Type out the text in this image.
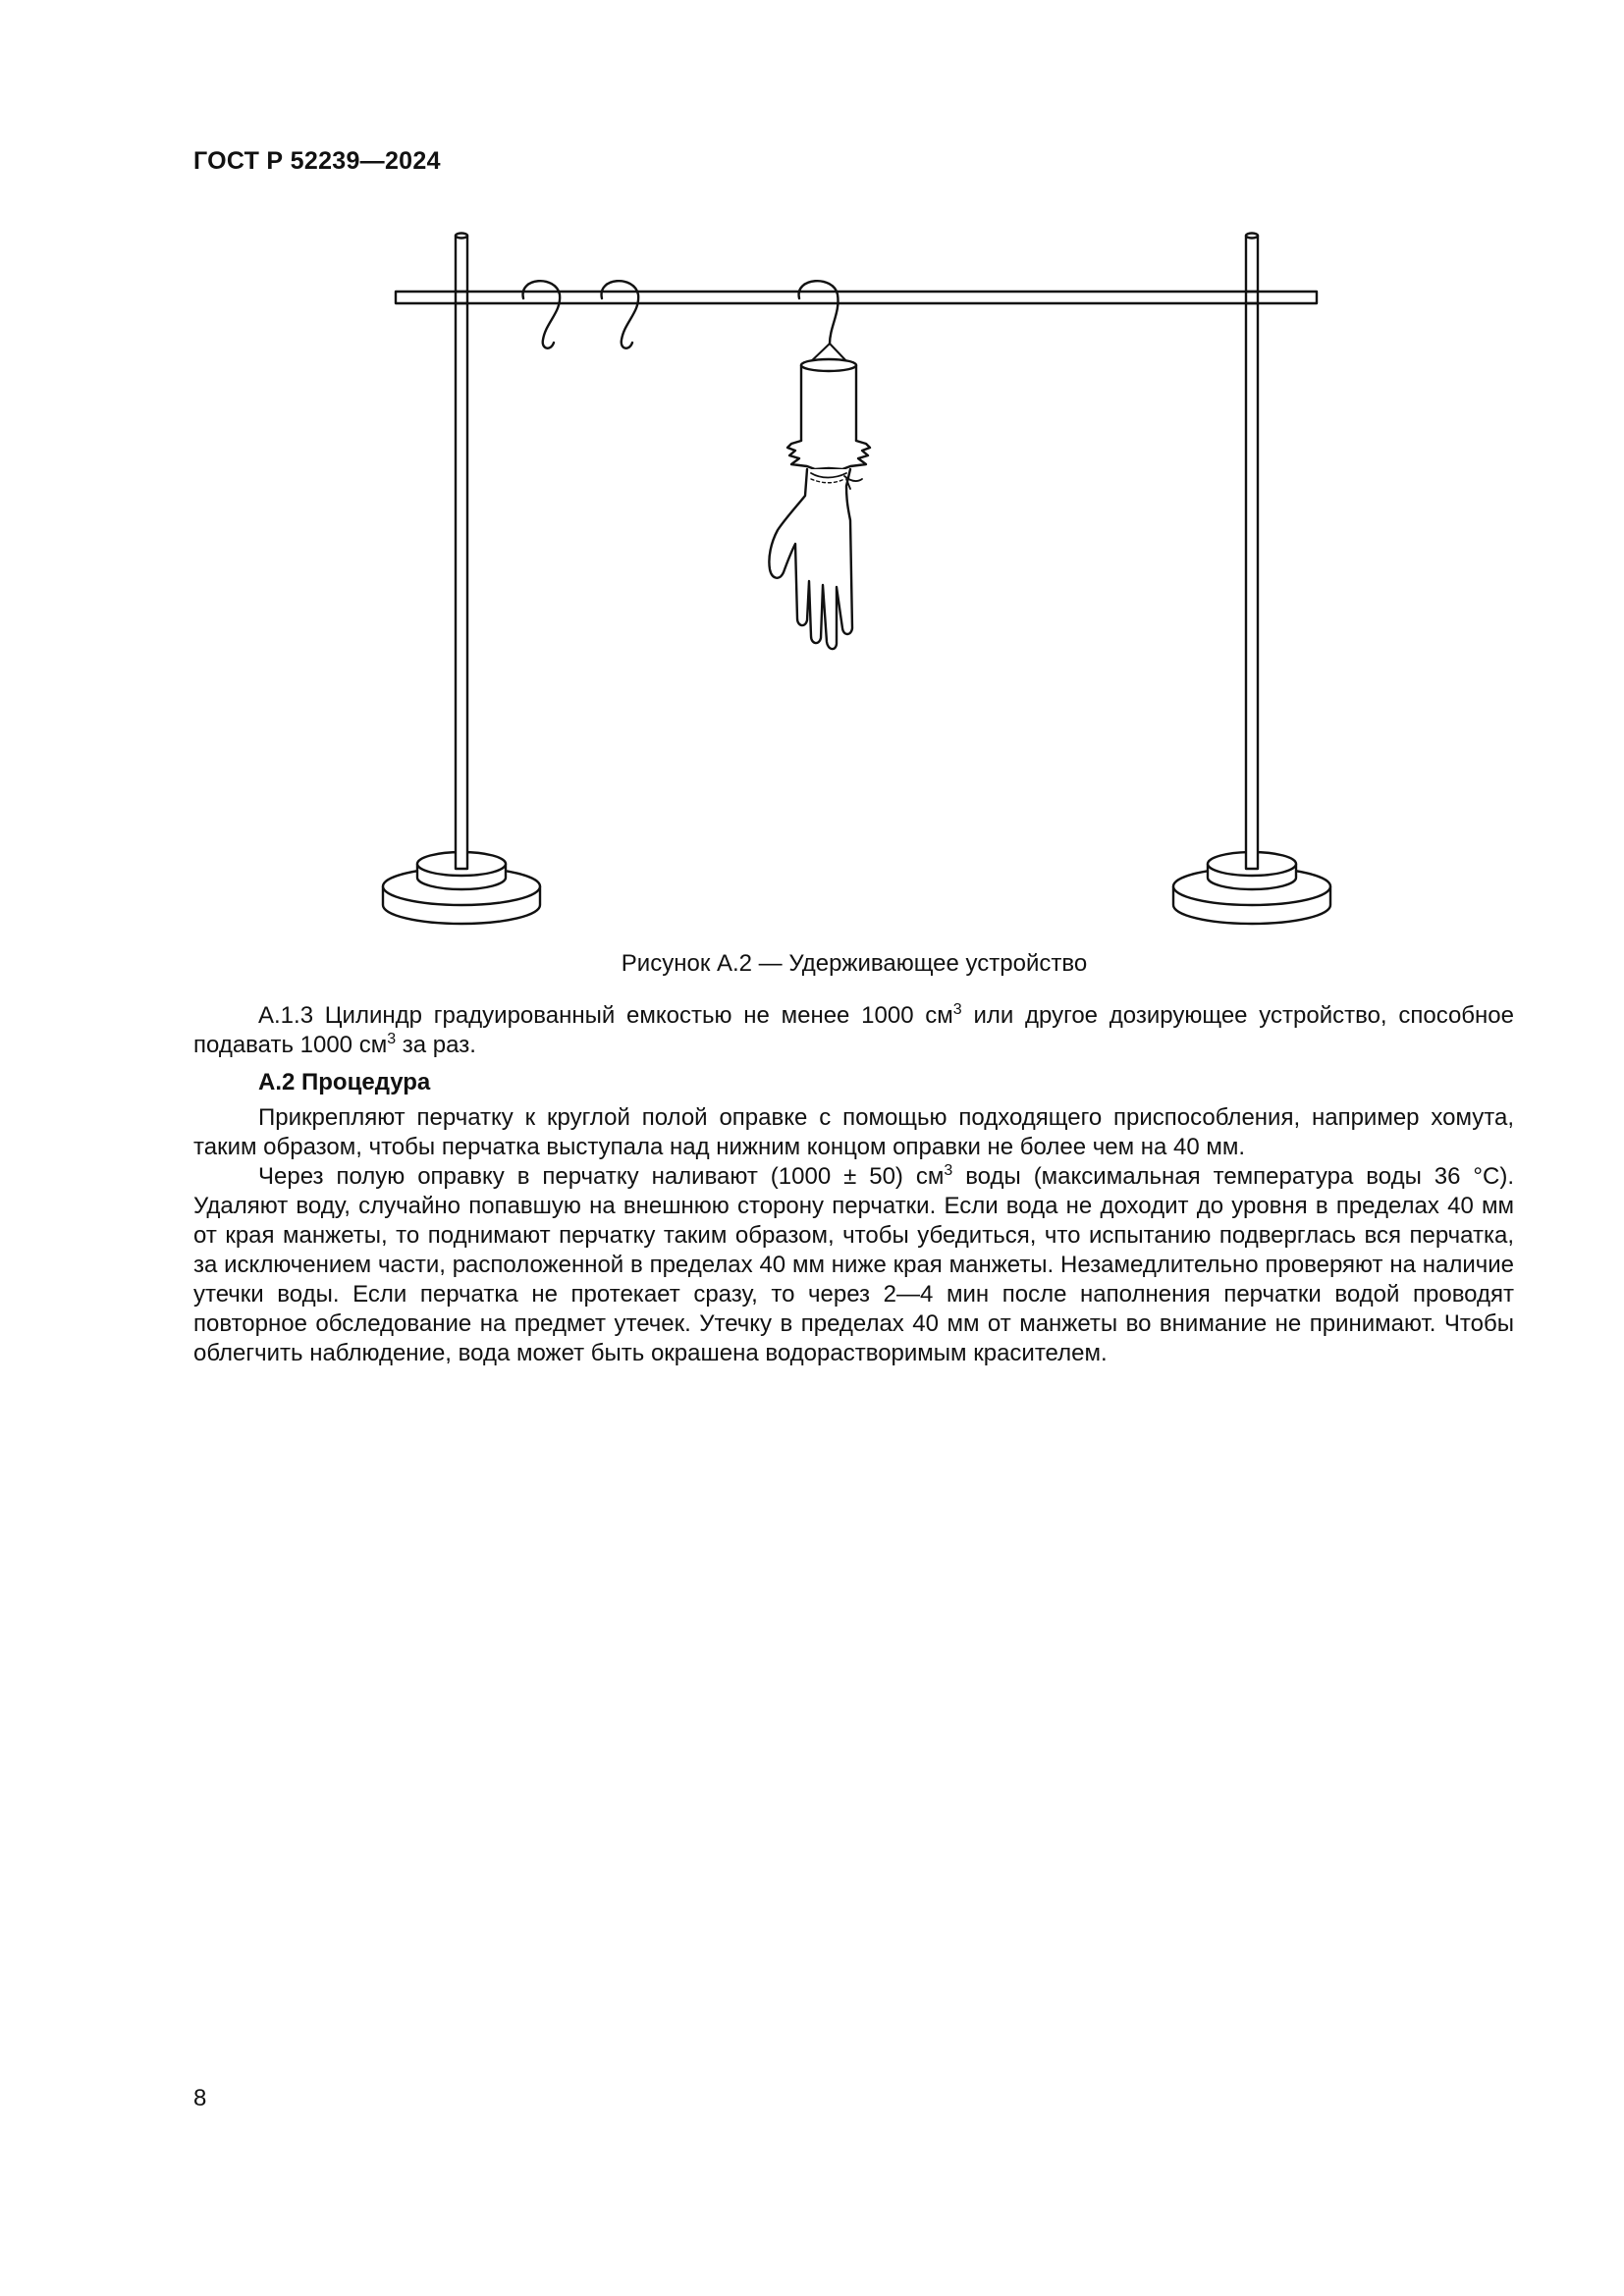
ГОСТ Р 52239—2024
Рисунок А.2 — Удерживающее устройство

А.1.3 Цилиндр градуированный емкостью не менее 1000 $см^3$ или другое дозирующее устройство, способное подавать 1000 $см^3$ за раз.

А.2 Процедура

Прикрепляют перчатку к круглой полой оправке с помощью подходящего приспособления, например хомута, таким образом, чтобы перчатка выступала над нижним концом оправки не более чем на 40 мм.

Через полую оправку в перчатку наливают (1000 ± 50) $см^3$ воды (максимальная температура воды 36 °С). Удаляют воду, случайно попавшую на внешнюю сторону перчатки. Если вода не доходит до уровня в пределах 40 мм от края манжеты, то поднимают перчатку таким образом, чтобы убедиться, что испытанию подверглась вся перчатка, за исключением части, расположенной в пределах 40 мм ниже края манжеты. Незамедлительно проверяют на наличие утечки воды. Если перчатка не протекает сразу, то через 2—4 мин после наполнения перчатки водой проводят повторное обследование на предмет утечек. Утечку в пределах 40 мм от манжеты во внимание не принимают. Чтобы облегчить наблюдение, вода может быть окрашена водорастворимым красителем.

8
